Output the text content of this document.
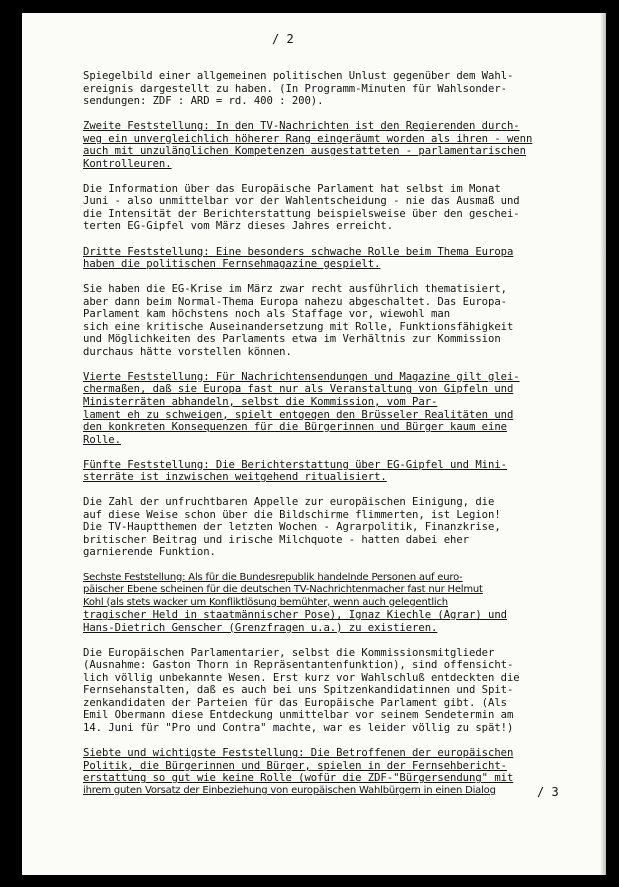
/ 2
Spiegelbild einer allgemeinen politischen Unlust gegenüber dem Wahl-
ereignis dargestellt zu haben. (In Programm-Minuten für Wahlsonder-
sendungen: ZDF : ARD = rd. 400 : 200).
Zweite Feststellung: In den TV-Nachrichten ist den Regierenden durch-
weg ein unvergleichlich höherer Rang eingeräumt worden als ihren - wenn
auch mit unzulänglichen Kompetenzen ausgestatteten - parlamentarischen
Kontrolleuren.
Die Information über das Europäische Parlament hat selbst im Monat
Juni - also unmittelbar vor der Wahlentscheidung - nie das Ausmaß und
die Intensität der Berichterstattung beispielsweise über den geschei-
terten EG-Gipfel vom März dieses Jahres erreicht.
Dritte Feststellung: Eine besonders schwache Rolle beim Thema Europa
haben die politischen Fernsehmagazine gespielt.
Sie haben die EG-Krise im März zwar recht ausführlich thematisiert,
aber dann beim Normal-Thema Europa nahezu abgeschaltet. Das Europa-
Parlament kam höchstens noch als Staffage vor, wiewohl man
sich eine kritische Auseinandersetzung mit Rolle, Funktionsfähigkeit
und Möglichkeiten des Parlaments etwa im Verhältnis zur Kommission
durchaus hätte vorstellen können.
Vierte Feststellung: Für Nachrichtensendungen und Magazine gilt glei-
chermaßen, daß sie Europa fast nur als Veranstaltung von Gipfeln und
Ministerräten abhandeln, selbst die Kommission, vom Par-
lament eh zu schweigen, spielt entgegen den Brüsseler Realitäten und
den konkreten Konsequenzen für die Bürgerinnen und Bürger kaum eine
Rolle.
Fünfte Feststellung: Die Berichterstattung über EG-Gipfel und Mini-
sterräte ist inzwischen weitgehend ritualisiert.
Die Zahl der unfruchtbaren Appelle zur europäischen Einigung, die
auf diese Weise schon über die Bildschirme flimmerten, ist Legion!
Die TV-Hauptthemen der letzten Wochen - Agrarpolitik, Finanzkrise,
britischer Beitrag und irische Milchquote - hatten dabei eher
garnierende Funktion.
Sechste Feststellung: Als für die Bundesrepublik handelnde Personen auf euro-
päischer Ebene scheinen für die deutschen TV-Nachrichtenmacher fast nur Helmut
Kohl (als stets wacker um Konfliktlösung bemühter, wenn auch gelegentlich
tragischer Held in staatmännischer Pose), Ignaz Kiechle (Agrar) und
Hans-Dietrich Genscher (Grenzfragen u.a.) zu existieren.
Die Europäischen Parlamentarier, selbst die Kommissionsmitglieder
(Ausnahme: Gaston Thorn in Repräsentantenfunktion), sind offensicht-
lich völlig unbekannte Wesen. Erst kurz vor Wahlschluß entdeckten die
Fernsehanstalten, daß es auch bei uns Spitzenkandidatinnen und Spit-
zenkandidaten der Parteien für das Europäische Parlament gibt. (Als
Emil Obermann diese Entdeckung unmittelbar vor seinem Sendetermin am
14. Juni für "Pro und Contra" machte, war es leider völlig zu spät!)
Siebte und wichtigste Feststellung: Die Betroffenen der europäischen
Politik, die Bürgerinnen und Bürger, spielen in der Fernsehbericht-
erstattung so gut wie keine Rolle (wofür die ZDF-"Bürgersendung" mit
ihrem guten Vorsatz der Einbeziehung von europäischen Wahlbürgern in einen Dialog	/ 3
